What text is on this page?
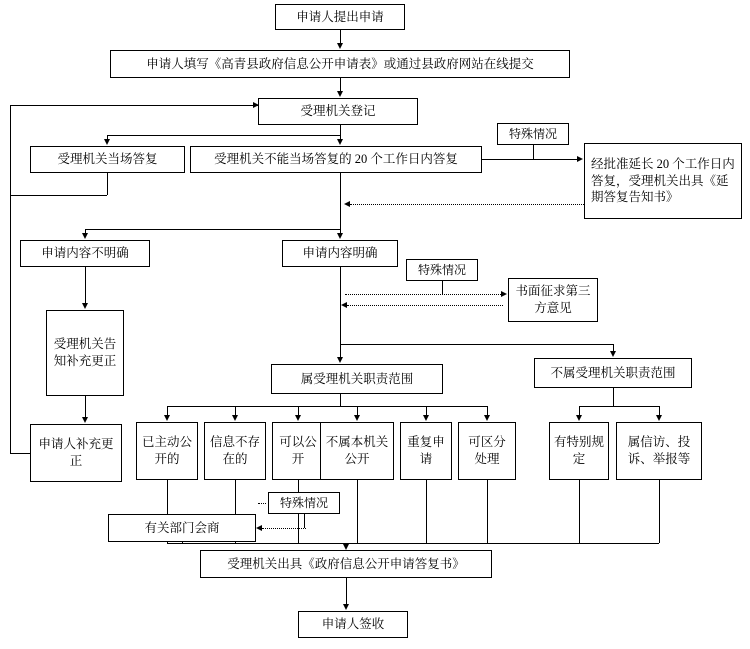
申请人提出申请
申请人填写《高青县政府信息公开申请表》或通过县政府网站在线提交
受理机关登记
受理机关当场答复	受理机关不能当场答复的 20 个工作日内答复	经批准延长 20 个工作日内答复，受理机关出具《延期答复告知书》
申请内容不明确	申请内容明确
书面征求第三方意见
受理机关告知补充更正
申请人补充更正
属受理机关职责范围	不属受理机关职责范围
已主动公开的
信息不存在的
可以公开
不属本机关公开
重复申请
可区分处理
有特别规定
属信访、投诉、举报等
有关部门会商
受理机关出具《政府信息公开申请答复书》
申请人签收
特殊情况
特殊情况
特殊情况
